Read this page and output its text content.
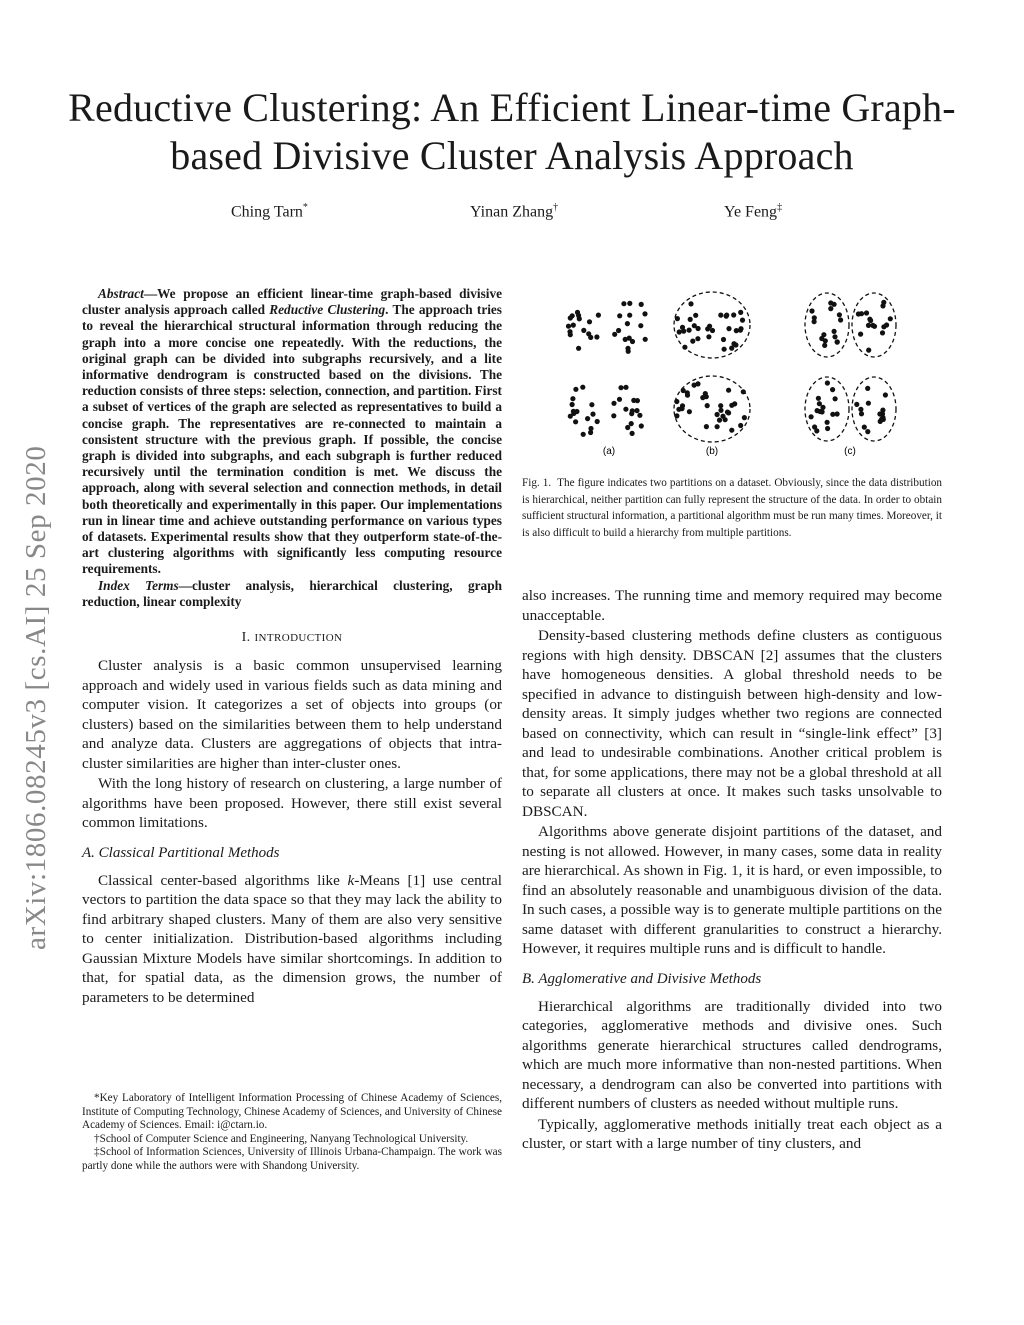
Reductive Clustering: An Efficient Linear-time Graph-based Divisive Cluster Analysis Approach
Ching Tarn*	Yinan Zhang†	Ye Feng‡
arXiv:1806.08245v3 [cs.AI] 25 Sep 2020

Abstract—We propose an efficient linear-time graph-based divisive cluster analysis approach called Reductive Clustering. The approach tries to reveal the hierarchical structural information through reducing the graph into a more concise one repeatedly. With the reductions, the original graph can be divided into subgraphs recursively, and a lite informative dendrogram is constructed based on the divisions. The reduction consists of three steps: selection, connection, and partition. First a subset of vertices of the graph are selected as representatives to build a concise graph. The representatives are re-connected to maintain a consistent structure with the previous graph. If possible, the concise graph is divided into subgraphs, and each subgraph is further reduced recursively until the termination condition is met. We discuss the approach, along with several selection and connection methods, in detail both theoretically and experimentally in this paper. Our implementations run in linear time and achieve outstanding performance on various types of datasets. Experimental results show that they outperform state-of-the-art clustering algorithms with significantly less computing resource requirements.

Index Terms—cluster analysis, hierarchical clustering, graph reduction, linear complexity

I. INTRODUCTION

Cluster analysis is a basic common unsupervised learning approach and widely used in various fields such as data mining and computer vision. It categorizes a set of objects into groups (or clusters) based on the similarities between them to help understand and analyze data. Clusters are aggregations of objects that intra-cluster similarities are higher than inter-cluster ones.

With the long history of research on clustering, a large number of algorithms have been proposed. However, there still exist several common limitations.

A. Classical Partitional Methods

Classical center-based algorithms like k-Means [1] use central vectors to partition the data space so that they may lack the ability to find arbitrary shaped clusters. Many of them are also very sensitive to center initialization. Distribution-based algorithms including Gaussian Mixture Models have similar shortcomings. In addition to that, for spatial data, as the dimension grows, the number of parameters to be determined

*Key Laboratory of Intelligent Information Processing of Chinese Academy of Sciences, Institute of Computing Technology, Chinese Academy of Sciences, and University of Chinese Academy of Sciences. Email: i@ctarn.io.

†School of Computer Science and Engineering, Nanyang Technological University.

‡School of Information Sciences, University of Illinois Urbana-Champaign. The work was partly done while the authors were with Shandong University.

(a)	(b)	(c)
Fig. 1. The figure indicates two partitions on a dataset. Obviously, since the data distribution is hierarchical, neither partition can fully represent the structure of the data. In order to obtain sufficient structural information, a partitional algorithm must be run many times. Moreover, it is also difficult to build a hierarchy from multiple partitions.

also increases. The running time and memory required may become unacceptable.

Density-based clustering methods define clusters as contiguous regions with high density. DBSCAN [2] assumes that the clusters have homogeneous densities. A global threshold needs to be specified in advance to distinguish between high-density and low-density areas. It simply judges whether two regions are connected based on connectivity, which can result in “single-link effect” [3] and lead to undesirable combinations. Another critical problem is that, for some applications, there may not be a global threshold at all to separate all clusters at once. It makes such tasks unsolvable to DBSCAN.

Algorithms above generate disjoint partitions of the dataset, and nesting is not allowed. However, in many cases, some data in reality are hierarchical. As shown in Fig. 1, it is hard, or even impossible, to find an absolutely reasonable and unambiguous division of the data. In such cases, a possible way is to generate multiple partitions on the same dataset with different granularities to construct a hierarchy. However, it requires multiple runs and is difficult to handle.

B. Agglomerative and Divisive Methods

Hierarchical algorithms are traditionally divided into two categories, agglomerative methods and divisive ones. Such algorithms generate hierarchical structures called dendrograms, which are much more informative than non-nested partitions. When necessary, a dendrogram can also be converted into partitions with different numbers of clusters as needed without multiple runs.

Typically, agglomerative methods initially treat each object as a cluster, or start with a large number of tiny clusters, and
